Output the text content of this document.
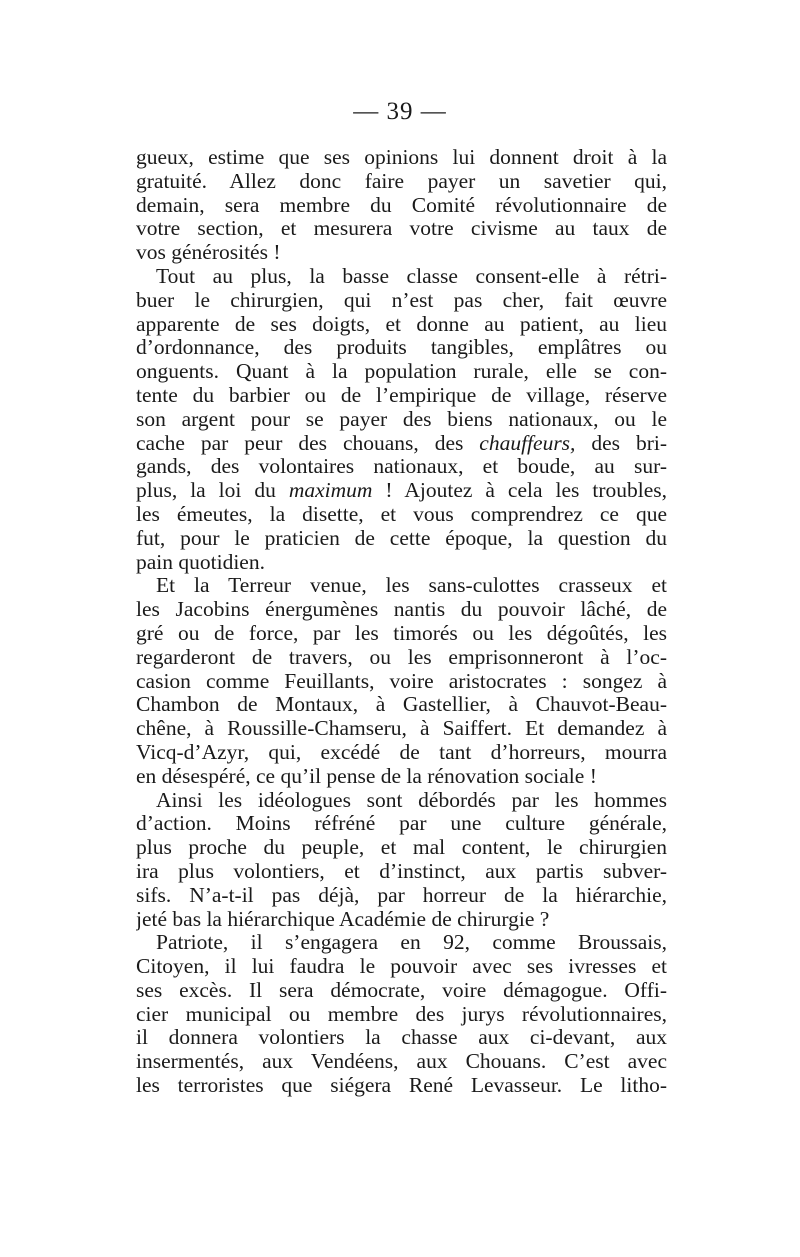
— 39 —
gueux, estime que ses opinions lui donnent droit à la
gratuité. Allez donc faire payer un savetier qui,
demain, sera membre du Comité révolutionnaire de
votre section, et mesurera votre civisme au taux de
vos générosités !
Tout au plus, la basse classe consent-elle à rétri-
buer le chirurgien, qui n’est pas cher, fait œuvre
apparente de ses doigts, et donne au patient, au lieu
d’ordonnance, des produits tangibles, emplâtres ou
onguents. Quant à la population rurale, elle se con-
tente du barbier ou de l’empirique de village, réserve
son argent pour se payer des biens nationaux, ou le
cache par peur des chouans, des chauffeurs, des bri-
gands, des volontaires nationaux, et boude, au sur-
plus, la loi du maximum ! Ajoutez à cela les troubles,
les émeutes, la disette, et vous comprendrez ce que
fut, pour le praticien de cette époque, la question du
pain quotidien.
Et la Terreur venue, les sans-culottes crasseux et
les Jacobins énergumènes nantis du pouvoir lâché, de
gré ou de force, par les timorés ou les dégoûtés, les
regarderont de travers, ou les emprisonneront à l’oc-
casion comme Feuillants, voire aristocrates : songez à
Chambon de Montaux, à Gastellier, à Chauvot-Beau-
chêne, à Roussille-Chamseru, à Saiffert. Et demandez à
Vicq-d’Azyr, qui, excédé de tant d’horreurs, mourra
en désespéré, ce qu’il pense de la rénovation sociale !
Ainsi les idéologues sont débordés par les hommes
d’action. Moins réfréné par une culture générale,
plus proche du peuple, et mal content, le chirurgien
ira plus volontiers, et d’instinct, aux partis subver-
sifs. N’a-t-il pas déjà, par horreur de la hiérarchie,
jeté bas la hiérarchique Académie de chirurgie ?
Patriote, il s’engagera en 92, comme Broussais,
Citoyen, il lui faudra le pouvoir avec ses ivresses et
ses excès. Il sera démocrate, voire démagogue. Offi-
cier municipal ou membre des jurys révolutionnaires,
il donnera volontiers la chasse aux ci-devant, aux
insermentés, aux Vendéens, aux Chouans. C’est avec
les terroristes que siégera René Levasseur. Le litho-
